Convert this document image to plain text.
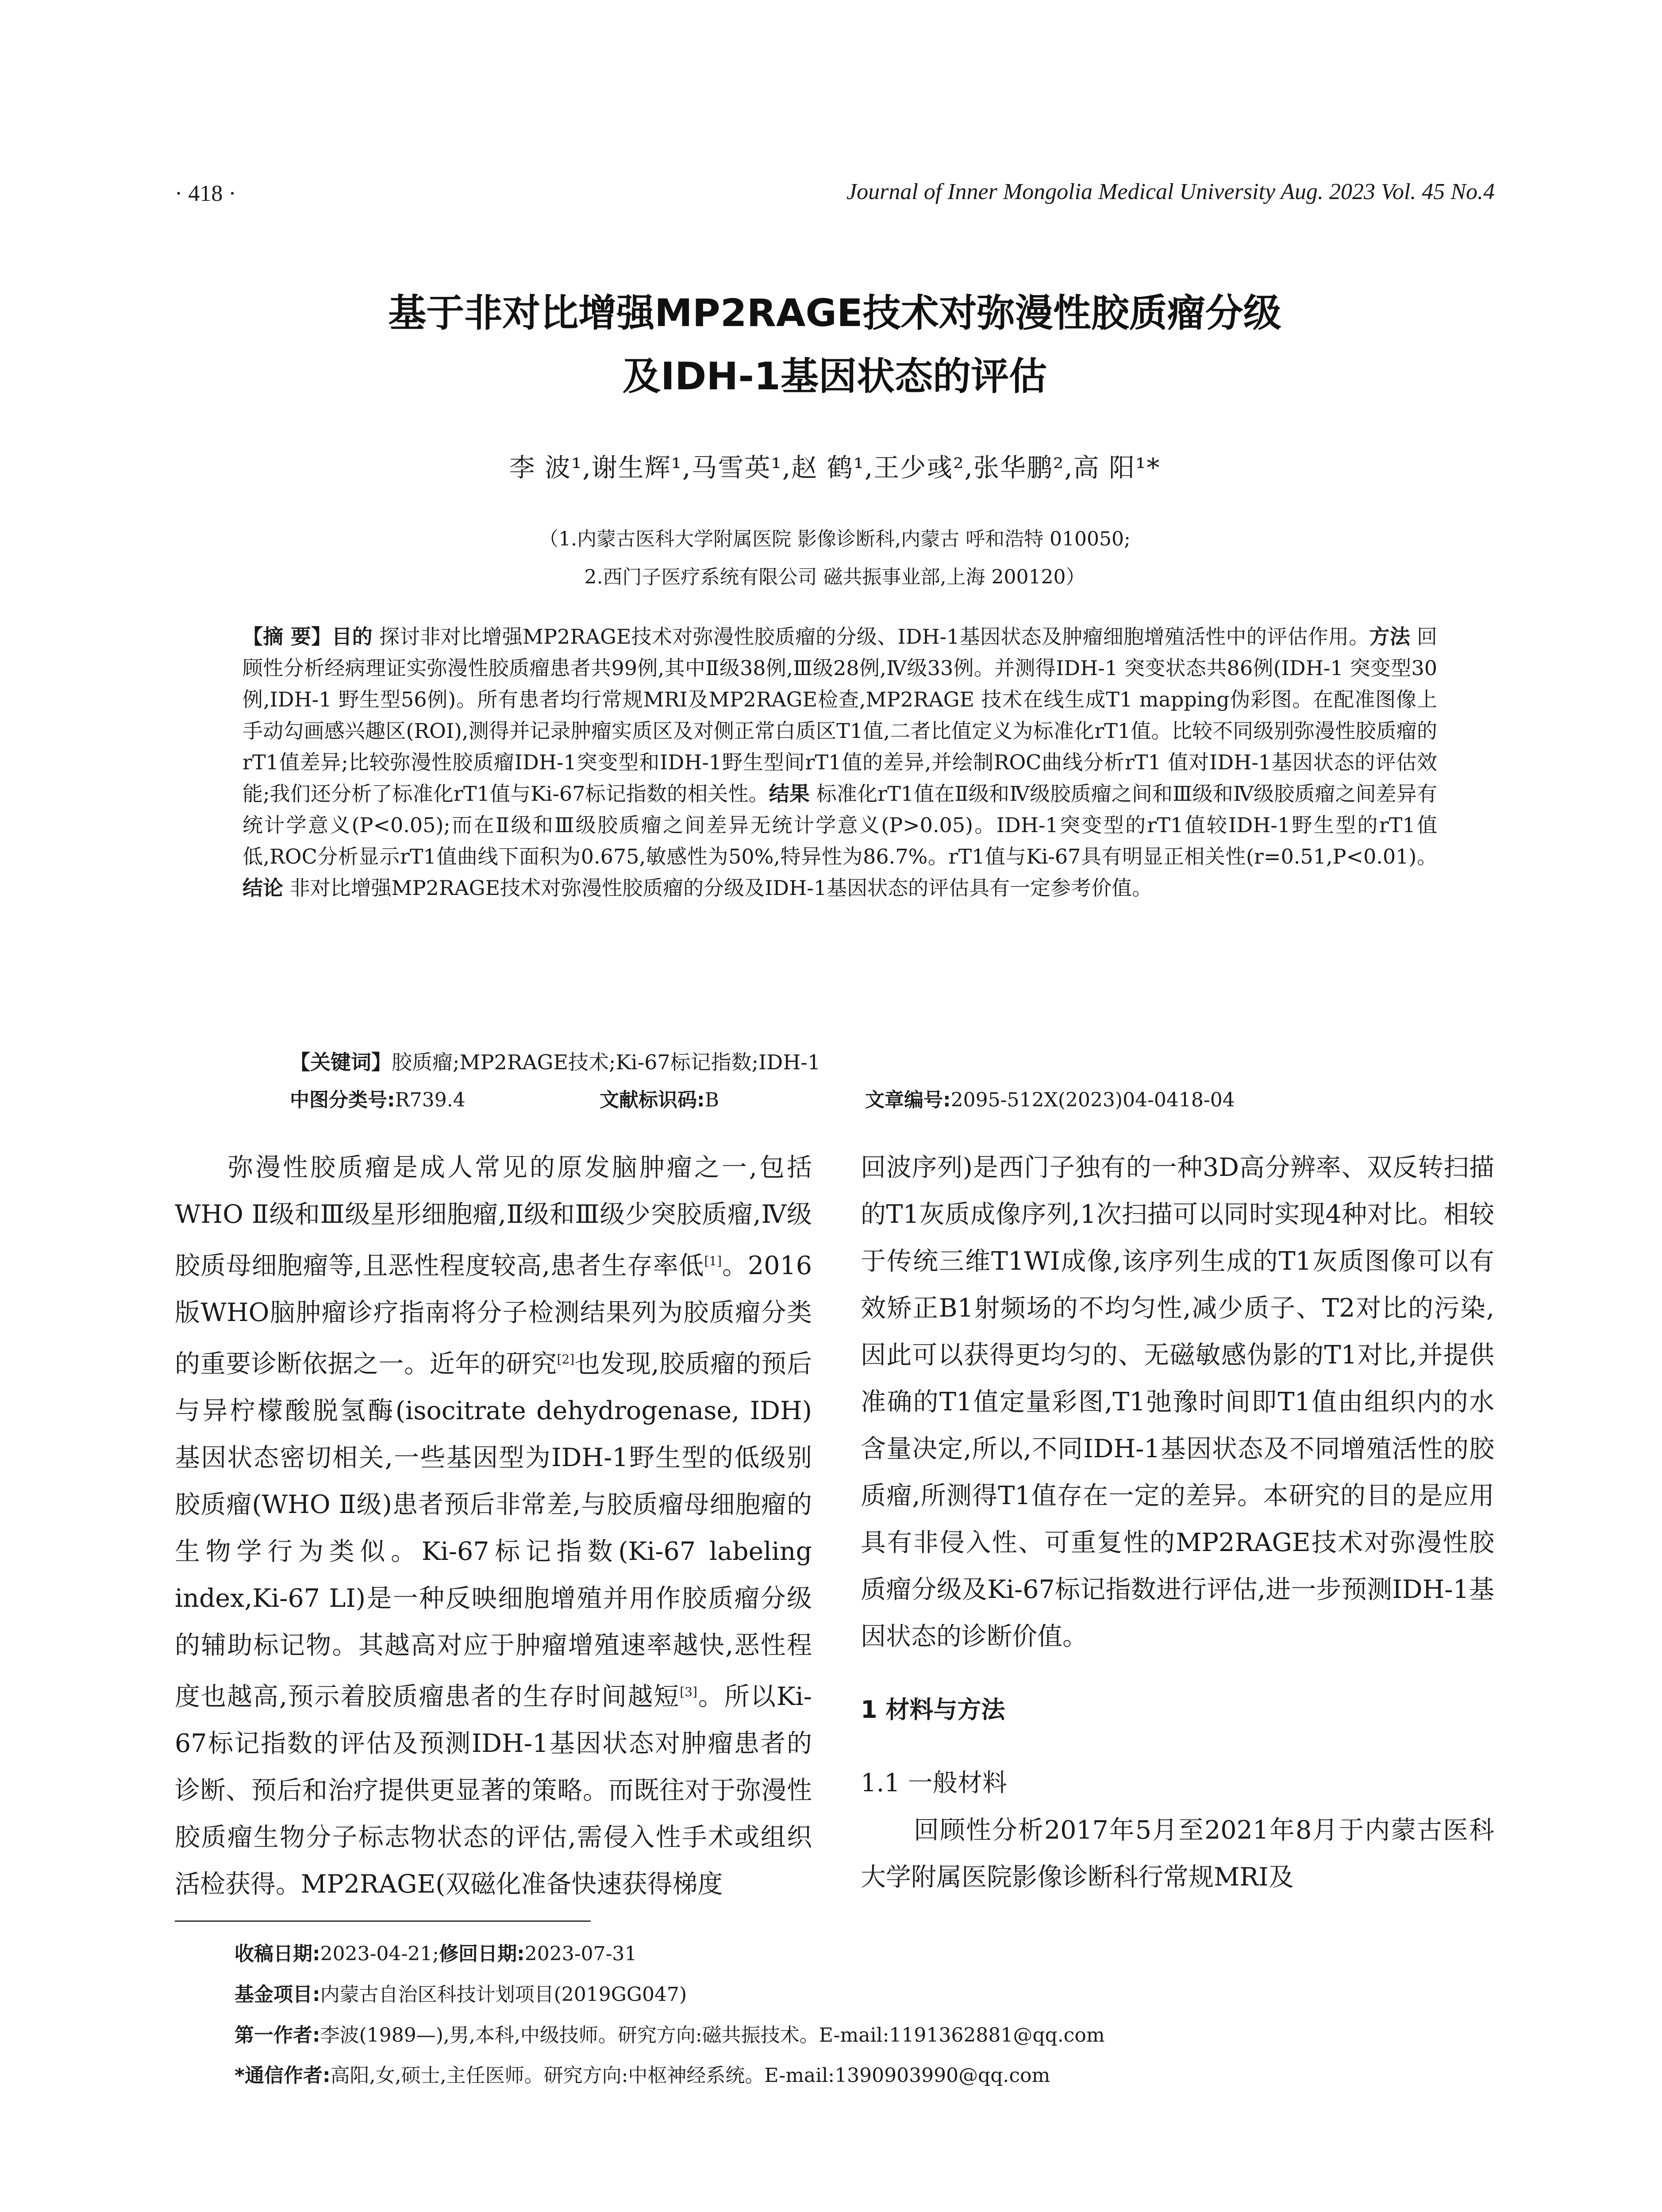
· 418 ·	Journal of Inner Mongolia Medical University Aug. 2023 Vol. 45 No.4
基于非对比增强MP2RAGE技术对弥漫性胶质瘤分级
及IDH-1基因状态的评估
李 波¹,谢生辉¹,马雪英¹,赵 鹤¹,王少彧²,张华鹏²,高 阳¹*
（1.内蒙古医科大学附属医院 影像诊断科,内蒙古 呼和浩特 010050;
2.西门子医疗系统有限公司 磁共振事业部,上海 200120）
【摘 要】目的 探讨非对比增强MP2RAGE技术对弥漫性胶质瘤的分级、IDH-1基因状态及肿瘤细胞增殖活性中的评估作用。方法 回顾性分析经病理证实弥漫性胶质瘤患者共99例,其中Ⅱ级38例,Ⅲ级28例,Ⅳ级33例。并测得IDH-1 突变状态共86例(IDH-1 突变型30例,IDH-1 野生型56例)。所有患者均行常规MRI及MP2RAGE检查,MP2RAGE 技术在线生成T1 mapping伪彩图。在配准图像上手动勾画感兴趣区(ROI),测得并记录肿瘤实质区及对侧正常白质区T1值,二者比值定义为标准化rT1值。比较不同级别弥漫性胶质瘤的rT1值差异;比较弥漫性胶质瘤IDH-1突变型和IDH-1野生型间rT1值的差异,并绘制ROC曲线分析rT1 值对IDH-1基因状态的评估效能;我们还分析了标准化rT1值与Ki-67标记指数的相关性。结果 标准化rT1值在Ⅱ级和Ⅳ级胶质瘤之间和Ⅲ级和Ⅳ级胶质瘤之间差异有统计学意义(P<0.05);而在Ⅱ级和Ⅲ级胶质瘤之间差异无统计学意义(P>0.05)。IDH-1突变型的rT1值较IDH-1野生型的rT1值低,ROC分析显示rT1值曲线下面积为0.675,敏感性为50%,特异性为86.7%。rT1值与Ki-67具有明显正相关性(r=0.51,P<0.01)。结论 非对比增强MP2RAGE技术对弥漫性胶质瘤的分级及IDH-1基因状态的评估具有一定参考价值。
【关键词】胶质瘤;MP2RAGE技术;Ki-67标记指数;IDH-1
中图分类号:R739.4	文献标识码:B	文章编号:2095-512X(2023)04-0418-04

弥漫性胶质瘤是成人常见的原发脑肿瘤之一,包括WHO Ⅱ级和Ⅲ级星形细胞瘤,Ⅱ级和Ⅲ级少突胶质瘤,Ⅳ级胶质母细胞瘤等,且恶性程度较高,患者生存率低[1]。2016版WHO脑肿瘤诊疗指南将分子检测结果列为胶质瘤分类的重要诊断依据之一。近年的研究[2]也发现,胶质瘤的预后与异柠檬酸脱氢酶(isocitrate dehydrogenase, IDH)基因状态密切相关,一些基因型为IDH-1野生型的低级别胶质瘤(WHO Ⅱ级)患者预后非常差,与胶质瘤母细胞瘤的生物学行为类似。Ki-67标记指数(Ki-67 labeling index,Ki-67 LI)是一种反映细胞增殖并用作胶质瘤分级的辅助标记物。其越高对应于肿瘤增殖速率越快,恶性程度也越高,预示着胶质瘤患者的生存时间越短[3]。所以Ki-67标记指数的评估及预测IDH-1基因状态对肿瘤患者的诊断、预后和治疗提供更显著的策略。而既往对于弥漫性胶质瘤生物分子标志物状态的评估,需侵入性手术或组织活检获得。MP2RAGE(双磁化准备快速获得梯度

回波序列)是西门子独有的一种3D高分辨率、双反转扫描的T1灰质成像序列,1次扫描可以同时实现4种对比。相较于传统三维T1WI成像,该序列生成的T1灰质图像可以有效矫正B1射频场的不均匀性,减少质子、T2对比的污染,因此可以获得更均匀的、无磁敏感伪影的T1对比,并提供准确的T1值定量彩图,T1弛豫时间即T1值由组织内的水含量决定,所以,不同IDH-1基因状态及不同增殖活性的胶质瘤,所测得T1值存在一定的差异。本研究的目的是应用具有非侵入性、可重复性的MP2RAGE技术对弥漫性胶质瘤分级及Ki-67标记指数进行评估,进一步预测IDH-1基因状态的诊断价值。

1 材料与方法
1.1 一般材料

回顾性分析2017年5月至2021年8月于内蒙古医科大学附属医院影像诊断科行常规MRI及

收稿日期:2023-04-21;修回日期:2023-07-31
基金项目:内蒙古自治区科技计划项目(2019GG047)
第一作者:李波(1989—),男,本科,中级技师。研究方向:磁共振技术。E-mail:1191362881@qq.com
*通信作者:高阳,女,硕士,主任医师。研究方向:中枢神经系统。E-mail:1390903990@qq.com
